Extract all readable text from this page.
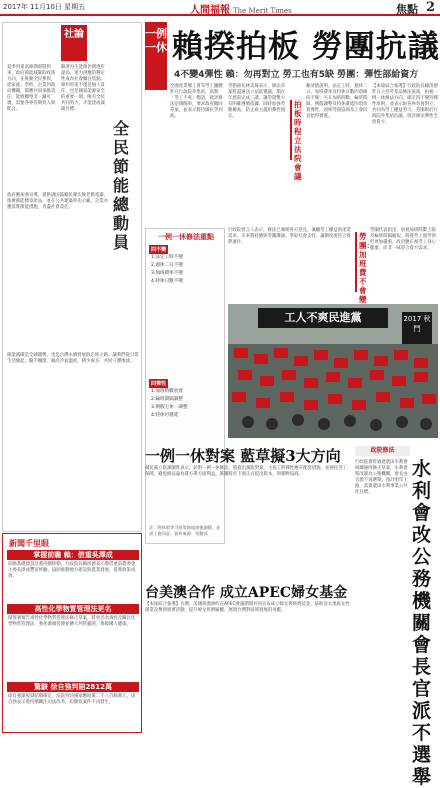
2017年 11月10日 星期五	人間福報 The Merit Times	焦點 2
社論
全民節能總動員
夏季用電高峰期即將到來，政府節能減碳的政策方向，在推動全民參與，從家庭、學校、企業到政府機關，都應共同承擔責任。能源轉型非一蹴可幾，需要各界長期投入與配合。
隨著再生能源比例逐步提高，電力供應的穩定性成為社會關注焦點。節約用電不僅是個人責任，也是國家能源安全的重要一環，唯有全民共同努力，才能達成減碳目標。
政府應加強宣導，提供誘因鼓勵民眾汰換老舊電器，推廣節能標章產品，並在公共建築率先示範。企業亦應落實節能措施，善盡社會責任。
節能減碳是全球趨勢，也是台灣永續發展的必經之路。讓我們從日常生活做起，隨手關燈、調高冷氣溫度，積少成多，共同守護地球。
新聞千里眼
掌握前瞻 賴：借重吳澤成
前瞻基礎建設計畫持續推動，行政院長賴清德表示將借重前農委會主委吳澤成豐富經驗，協助推動地方建設與農業發展，落實政策成效。
高性化學物質管理法更名
環保署預告毒性化學物質管理法修正草案，將更名為毒性及關注化學物質管理法，強化源頭管理並擴大列管範圍，保障國人健康。
驚駭 徐自強判賠2812萬
徐自強案冤獄賠償確定，法院判決國家應賠償二千八百餘萬元，徐自強表示將持續關注司法改革，盼類似案件不再發生。
一例一休 賴揆拍板 勞團抗議
4不變4彈性 賴：勿再對立 勞工也有5缺 勞團：彈性部給資方
【本報綜合報導】行政院長賴清德昨日主持勞基法修法協商，拍板一例一休修法方向，確定四不變四彈性原則，並表示盼各界勿再對立，共同為勞工權益努力。勞團則於行政院外集結抗議，批評修法彈性全給資方。
賴清德說明，法定工時、週休二日、加班費率及特休日數四項維持不變；另在加班時數、輪班間隔、例假調整及特休遞延四項放寬彈性，須經勞資協商及工會同意始得實施。
拍板時程 立法院會議
勞動部長林美珠表示，修法草案將盡速送立法院審議，期在年底前完成三讀，讓勞資雙方有明確遵循依據，同時加強勞動檢查，防止雇主濫用彈性規定。
全國產業總工會等勞工團體昨在行政院外集結，高舉「勞工不爽」標語，批評修法是開倒車，要求政府撤回草案，並表示將持續抗爭到底。
勞團代表指出，放寬加班時數上限及輪班間隔縮短，將使勞工過勞情形更加嚴重，政府應正視勞工身心健康，而非一味迎合資方需求。
勞團：加班費不會變
行政院發言人表示，修法已廣納各方意見，兼顧勞工權益與產業需求，未來將持續與勞團溝通，爭取社會支持，讓制度更符合實際運作。
一例一休修法重點
四不變
1.法定工時不變
2.週休二日不變
3.加班費率不變
4.特休日數不變
四彈性
1.加班時數放寬
2.輪班間隔調整
3.例假七休一調整
4.特休可遞延
註：例休假等可經勞資協商後調整，並須工會同意。資料來源：勞動部
工人不爽民進黨	2017 秋鬥
一例一休對案 藍草擬3大方向
國民黨立院黨團昨表示，針對一例一休修法，將提出黨版對案，主張工時彈性應有配套措施，並強化勞工保障，避免修法淪為資方單方面利益。黨團將於下週正式提出版本，與朝野協商。
台美澳合作 成立APEC婦女基金
【本報綜合報導】台灣、美國與澳洲昨在APEC會議期間共同宣布成立婦女與經濟基金，協助亞太地區女性創業及參與經濟活動，提升婦女經濟賦權，展現台灣對區域發展的貢獻。
政院修法
水利會改公務機關 會長官派不選舉
行政院會昨通過農田水利會組織通則修正草案，水利會將改制為公務機關，會長由官派不再選舉，預計明年上路，落實農田水利事業公共化目標。
